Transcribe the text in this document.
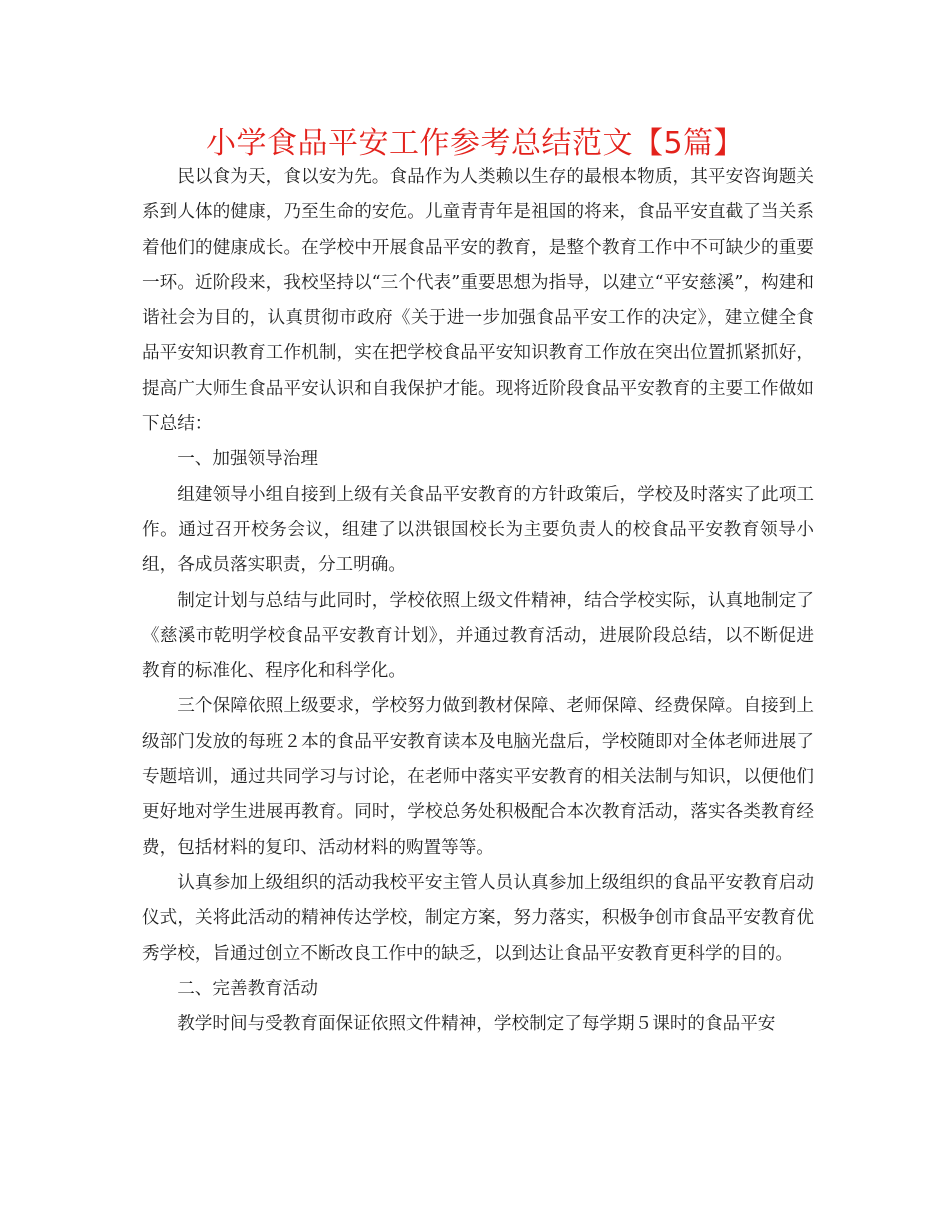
小学食品平安工作参考总结范文【5篇】

民以食为天，食以安为先。食品作为人类赖以生存的最根本物质，其平安咨询题关系到人体的健康，乃至生命的安危。儿童青青年是祖国的将来，食品平安直截了当关系着他们的健康成长。在学校中开展食品平安的教育，是整个教育工作中不可缺少的重要一环。近阶段来，我校坚持以“三个代表”重要思想为指导，以建立“平安慈溪”，构建和谐社会为目的，认真贯彻市政府《关于进一步加强食品平安工作的决定》，建立健全食品平安知识教育工作机制，实在把学校食品平安知识教育工作放在突出位置抓紧抓好，提高广大师生食品平安认识和自我保护才能。现将近阶段食品平安教育的主要工作做如下总结：

一、加强领导治理

组建领导小组自接到上级有关食品平安教育的方针政策后，学校及时落实了此项工作。通过召开校务会议，组建了以洪银国校长为主要负责人的校食品平安教育领导小组，各成员落实职责，分工明确。

制定计划与总结与此同时，学校依照上级文件精神，结合学校实际，认真地制定了《慈溪市乾明学校食品平安教育计划》，并通过教育活动，进展阶段总结，以不断促进教育的标准化、程序化和科学化。

三个保障依照上级要求，学校努力做到教材保障、老师保障、经费保障。自接到上级部门发放的每班２本的食品平安教育读本及电脑光盘后，学校随即对全体老师进展了专题培训，通过共同学习与讨论，在老师中落实平安教育的相关法制与知识，以便他们更好地对学生进展再教育。同时，学校总务处积极配合本次教育活动，落实各类教育经费，包括材料的复印、活动材料的购置等等。

认真参加上级组织的活动我校平安主管人员认真参加上级组织的食品平安教育启动仪式，关将此活动的精神传达学校，制定方案，努力落实，积极争创市食品平安教育优秀学校，旨通过创立不断改良工作中的缺乏，以到达让食品平安教育更科学的目的。

二、完善教育活动

教学时间与受教育面保证依照文件精神，学校制定了每学期５课时的食品平安
